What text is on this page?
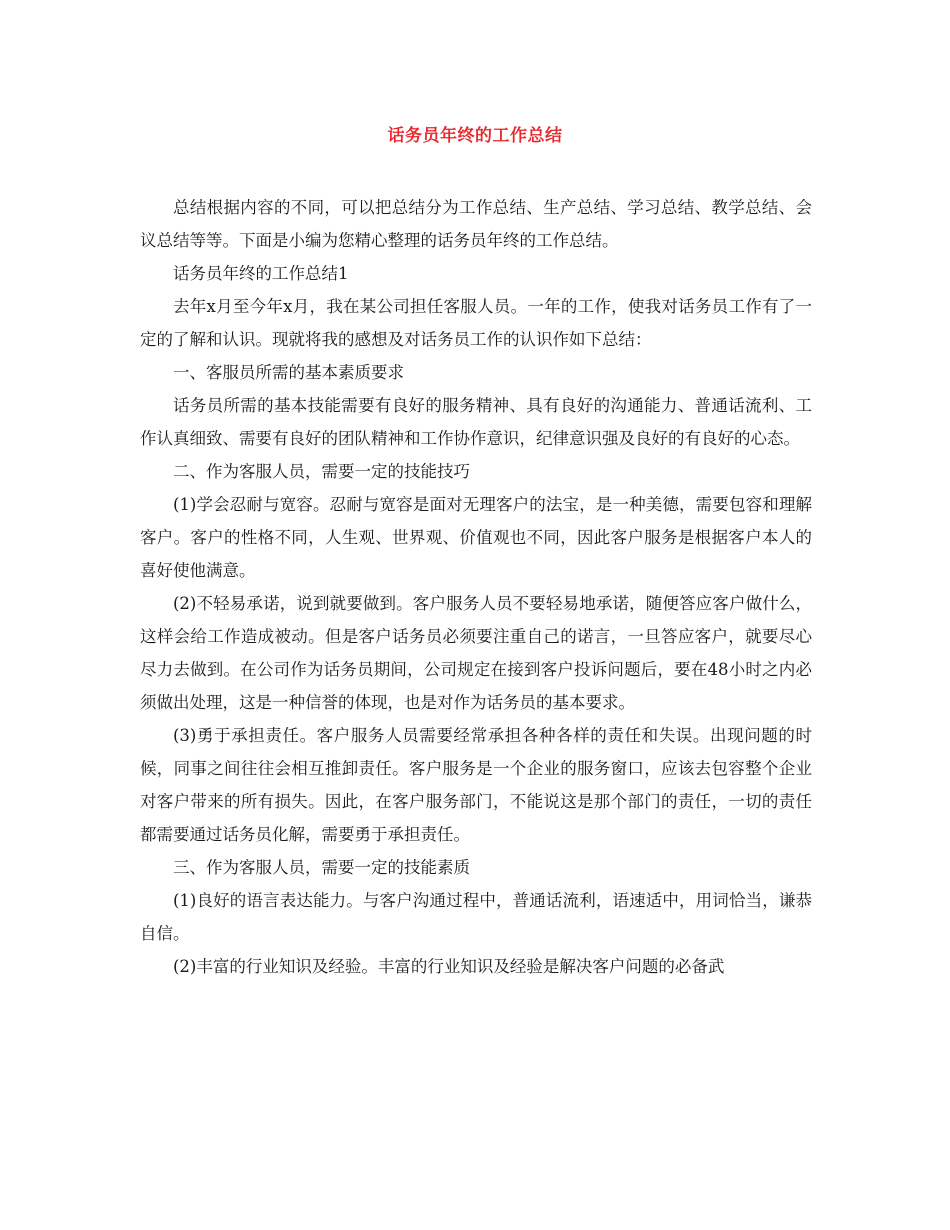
话务员年终的工作总结

总结根据内容的不同，可以把总结分为工作总结、生产总结、学习总结、教学总结、会议总结等等。下面是小编为您精心整理的话务员年终的工作总结。

话务员年终的工作总结1

去年x月至今年x月，我在某公司担任客服人员。一年的工作，使我对话务员工作有了一定的了解和认识。现就将我的感想及对话务员工作的认识作如下总结：

一、客服员所需的基本素质要求

话务员所需的基本技能需要有良好的服务精神、具有良好的沟通能力、普通话流利、工作认真细致、需要有良好的团队精神和工作协作意识，纪律意识强及良好的有良好的心态。

二、作为客服人员，需要一定的技能技巧

(1)学会忍耐与宽容。忍耐与宽容是面对无理客户的法宝，是一种美德，需要包容和理解客户。客户的性格不同，人生观、世界观、价值观也不同，因此客户服务是根据客户本人的喜好使他满意。

(2)不轻易承诺，说到就要做到。客户服务人员不要轻易地承诺，随便答应客户做什么，这样会给工作造成被动。但是客户话务员必须要注重自己的诺言，一旦答应客户，就要尽心尽力去做到。在公司作为话务员期间，公司规定在接到客户投诉问题后，要在48小时之内必须做出处理，这是一种信誉的体现，也是对作为话务员的基本要求。

(3)勇于承担责任。客户服务人员需要经常承担各种各样的责任和失误。出现问题的时候，同事之间往往会相互推卸责任。客户服务是一个企业的服务窗口，应该去包容整个企业对客户带来的所有损失。因此，在客户服务部门，不能说这是那个部门的责任，一切的责任都需要通过话务员化解，需要勇于承担责任。

三、作为客服人员，需要一定的技能素质

(1)良好的语言表达能力。与客户沟通过程中，普通话流利，语速适中，用词恰当，谦恭自信。

(2)丰富的行业知识及经验。丰富的行业知识及经验是解决客户问题的必备武
